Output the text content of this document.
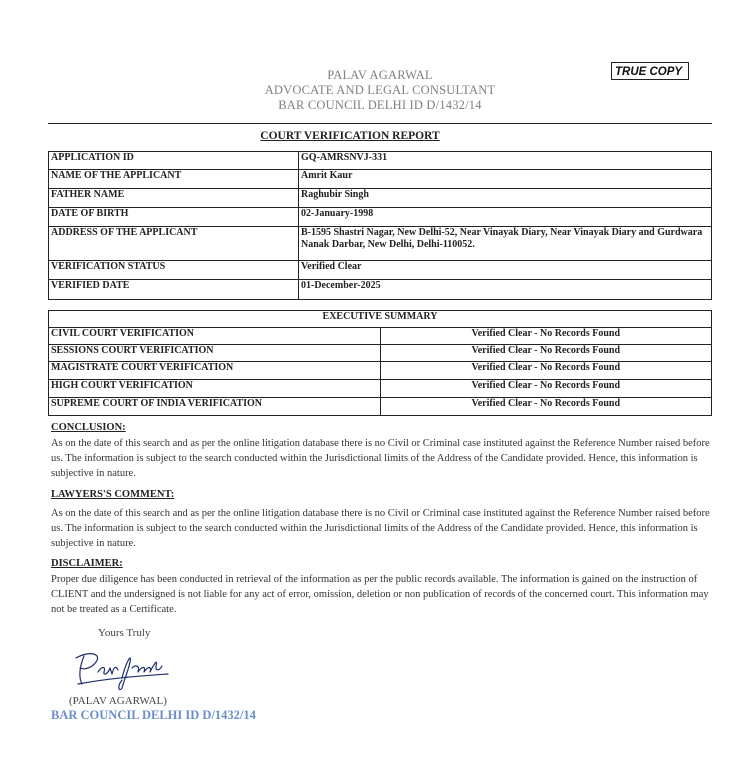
PALAV AGARWAL
ADVOCATE AND LEGAL CONSULTANT
BAR COUNCIL DELHI ID D/1432/14
TRUE COPY
COURT VERIFICATION REPORT
APPLICATION ID	GQ-AMRSNVJ-331
NAME OF THE APPLICANT	Amrit Kaur
FATHER NAME	Raghubir Singh
DATE OF BIRTH	02-January-1998
ADDRESS OF THE APPLICANT	B-1595 Shastri Nagar, New Delhi-52, Near Vinayak Diary, Near Vinayak Diary and Gurdwara Nanak Darbar, New Delhi, Delhi-110052.
VERIFICATION STATUS	Verified Clear
VERIFIED DATE	01-December-2025
EXECUTIVE SUMMARY	
CIVIL COURT VERIFICATION	Verified Clear - No Records Found
SESSIONS COURT VERIFICATION	Verified Clear - No Records Found
MAGISTRATE COURT VERIFICATION	Verified Clear - No Records Found
HIGH COURT VERIFICATION	Verified Clear - No Records Found
SUPREME COURT OF INDIA VERIFICATION	Verified Clear - No Records Found
CONCLUSION:
As on the date of this search and as per the online litigation database there is no Civil or Criminal case instituted against the Reference Number raised before us. The information is subject to the search conducted within the Jurisdictional limits of the Address of the Candidate provided. Hence, this information is subjective in nature.
LAWYERS'S COMMENT:
As on the date of this search and as per the online litigation database there is no Civil or Criminal case instituted against the Reference Number raised before us. The information is subject to the search conducted within the Jurisdictional limits of the Address of the Candidate provided. Hence, this information is subjective in nature.
DISCLAIMER:
Proper due diligence has been conducted in retrieval of the information as per the public records available. The information is gained on the instruction of CLIENT and the undersigned is not liable for any act of error, omission, deletion or non publication of records of the concerned court. This information may not be treated as a Certificate.
Yours Truly
(PALAV AGARWAL)
BAR COUNCIL DELHI ID D/1432/14
